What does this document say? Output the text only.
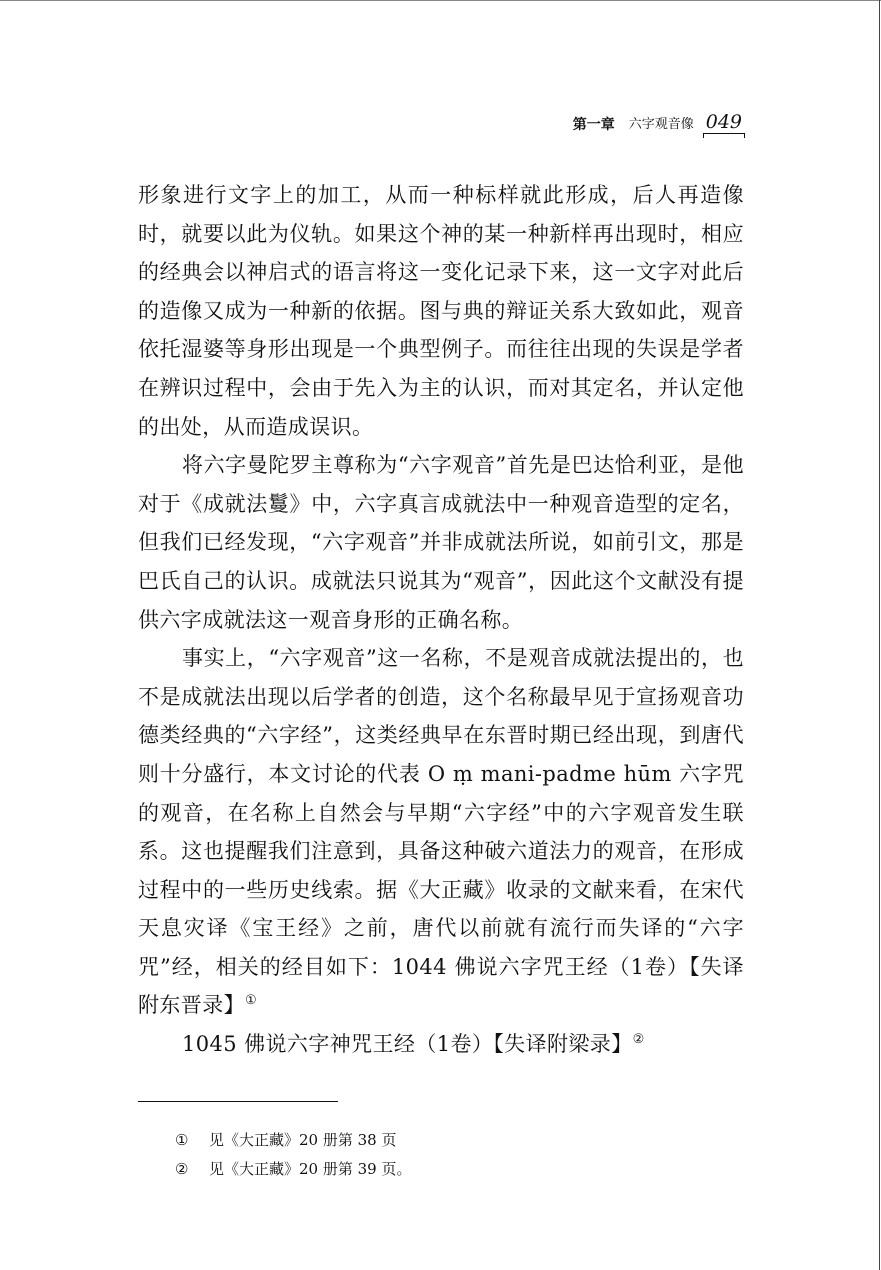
第一章 六字观音像 049

形象进行文字上的加工，从而一种标样就此形成，后人再造像时，就要以此为仪轨。如果这个神的某一种新样再出现时，相应的经典会以神启式的语言将这一变化记录下来，这一文字对此后的造像又成为一种新的依据。图与典的辩证关系大致如此，观音依托湿婆等身形出现是一个典型例子。而往往出现的失误是学者在辨识过程中，会由于先入为主的认识，而对其定名，并认定他的出处，从而造成误识。

将六字曼陀罗主尊称为“六字观音”首先是巴达恰利亚，是他对于《成就法鬘》中，六字真言成就法中一种观音造型的定名，但我们已经发现，“六字观音”并非成就法所说，如前引文，那是巴氏自己的认识。成就法只说其为“观音”，因此这个文献没有提供六字成就法这一观音身形的正确名称。

事实上，“六字观音”这一名称，不是观音成就法提出的，也不是成就法出现以后学者的创造，这个名称最早见于宣扬观音功德类经典的“六字经”，这类经典早在东晋时期已经出现，到唐代则十分盛行，本文讨论的代表 O ṃ mani-padme hūm 六字咒的观音，在名称上自然会与早期“六字经”中的六字观音发生联系。这也提醒我们注意到，具备这种破六道法力的观音，在形成过程中的一些历史线索。据《大正藏》收录的文献来看，在宋代天息灾译《宝王经》之前，唐代以前就有流行而失译的“六字咒”经，相关的经目如下：1044 佛说六字咒王经（1卷）【失译附东晋录】①

1045 佛说六字神咒王经（1卷）【失译附梁录】②

①	见《大正藏》20 册第 38 页
②	见《大正藏》20 册第 39 页。
